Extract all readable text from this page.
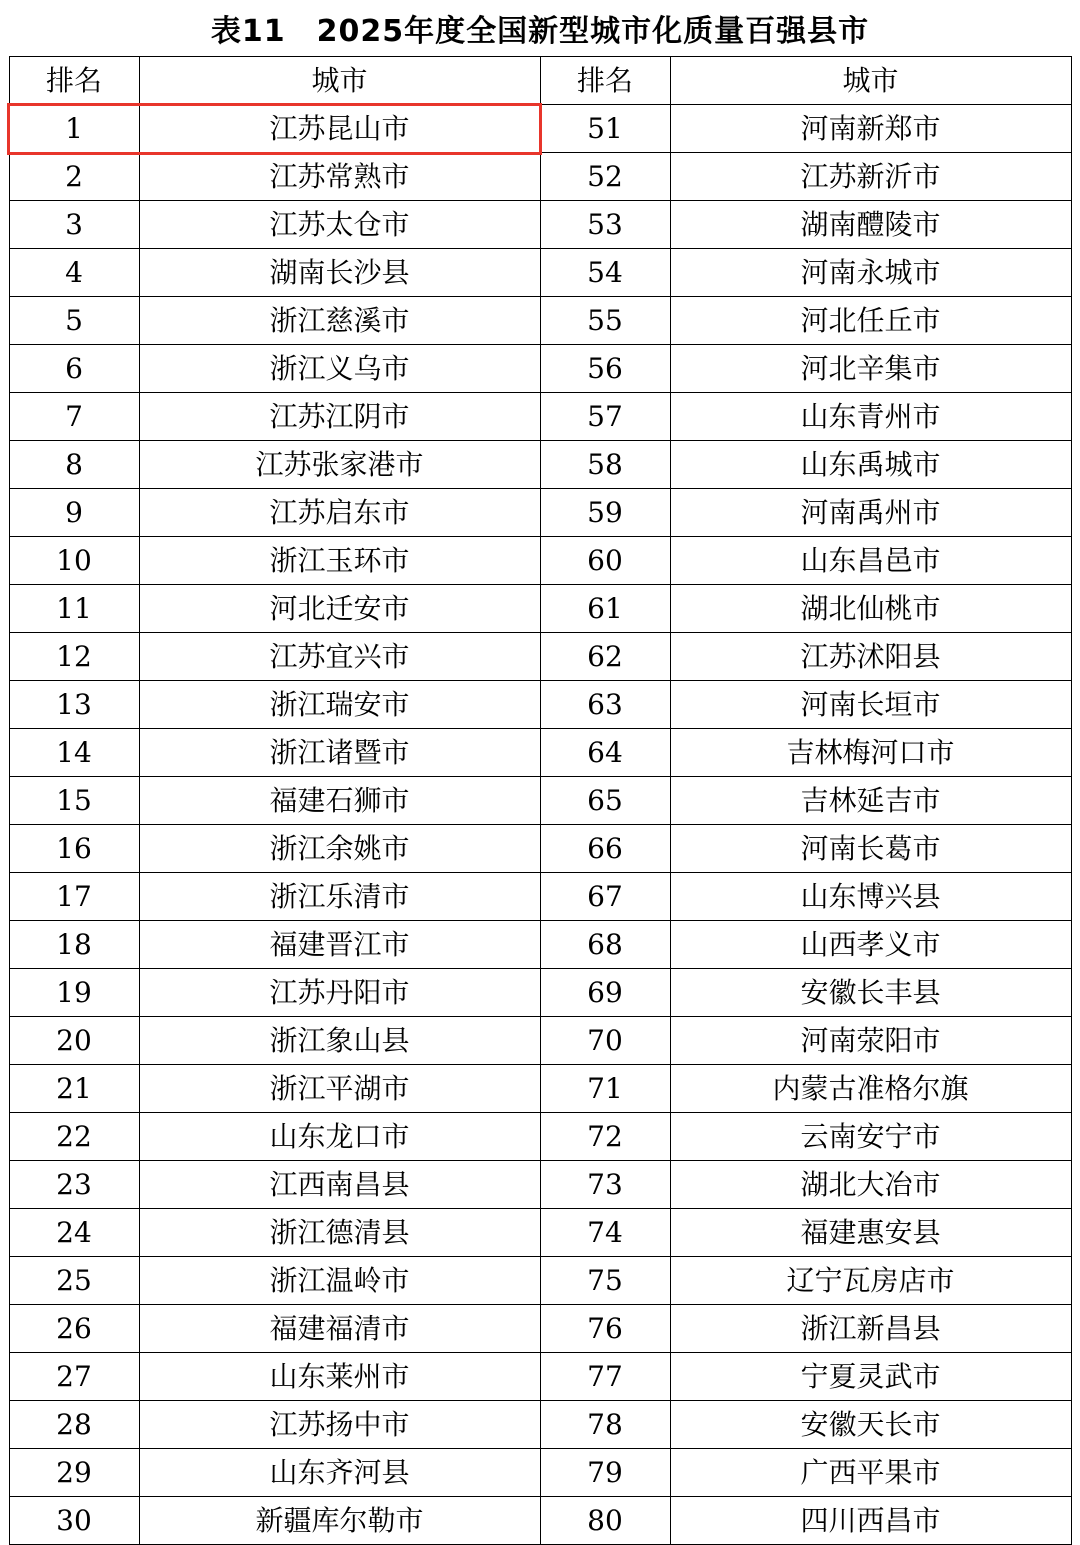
表11　2025年度全国新型城市化质量百强县市
排名	城市	排名	城市
1	江苏昆山市	51	河南新郑市
2	江苏常熟市	52	江苏新沂市
3	江苏太仓市	53	湖南醴陵市
4	湖南长沙县	54	河南永城市
5	浙江慈溪市	55	河北任丘市
6	浙江义乌市	56	河北辛集市
7	江苏江阴市	57	山东青州市
8	江苏张家港市	58	山东禹城市
9	江苏启东市	59	河南禹州市
10	浙江玉环市	60	山东昌邑市
11	河北迁安市	61	湖北仙桃市
12	江苏宜兴市	62	江苏沭阳县
13	浙江瑞安市	63	河南长垣市
14	浙江诸暨市	64	吉林梅河口市
15	福建石狮市	65	吉林延吉市
16	浙江余姚市	66	河南长葛市
17	浙江乐清市	67	山东博兴县
18	福建晋江市	68	山西孝义市
19	江苏丹阳市	69	安徽长丰县
20	浙江象山县	70	河南荥阳市
21	浙江平湖市	71	内蒙古准格尔旗
22	山东龙口市	72	云南安宁市
23	江西南昌县	73	湖北大冶市
24	浙江德清县	74	福建惠安县
25	浙江温岭市	75	辽宁瓦房店市
26	福建福清市	76	浙江新昌县
27	山东莱州市	77	宁夏灵武市
28	江苏扬中市	78	安徽天长市
29	山东齐河县	79	广西平果市
30	新疆库尔勒市	80	四川西昌市
